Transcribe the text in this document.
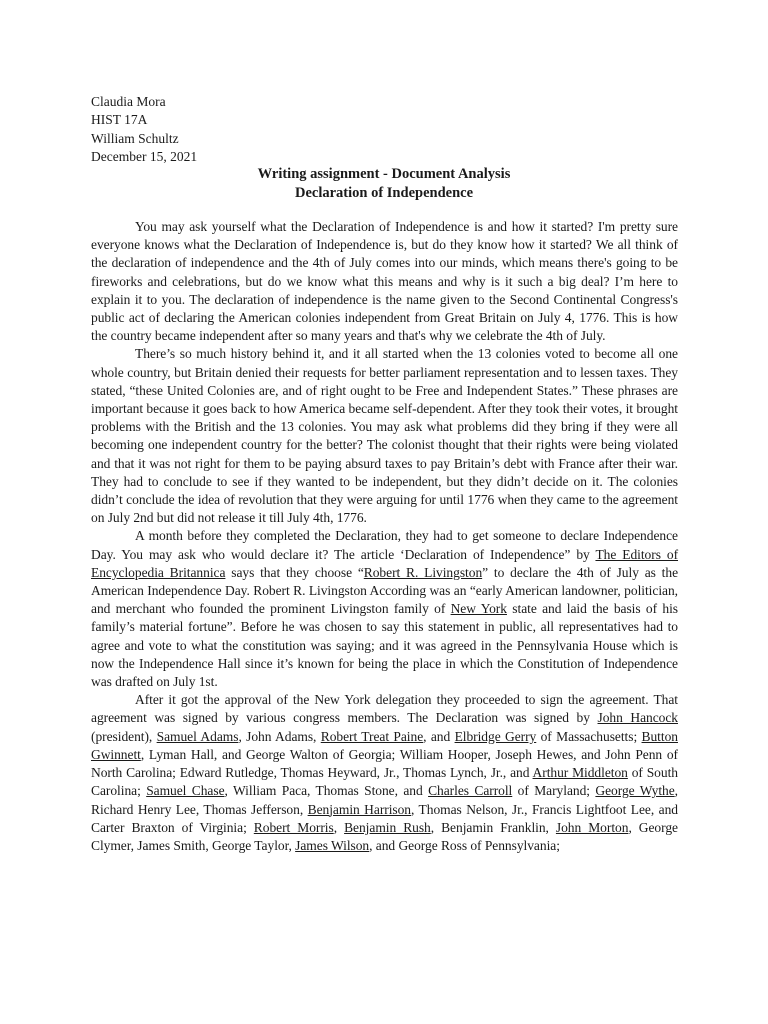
Claudia Mora
HIST 17A
William Schultz
December 15, 2021
Writing assignment - Document Analysis
Declaration of Independence

You may ask yourself what the Declaration of Independence is and how it started? I'm pretty sure everyone knows what the Declaration of Independence is, but do they know how it started? We all think of the declaration of independence and the 4th of July comes into our minds, which means there's going to be fireworks and celebrations, but do we know what this means and why is it such a big deal? I’m here to explain it to you. The declaration of independence is the name given to the Second Continental Congress's public act of declaring the American colonies independent from Great Britain on July 4, 1776. This is how the country became independent after so many years and that's why we celebrate the 4th of July.

There’s so much history behind it, and it all started when the 13 colonies voted to become all one whole country, but Britain denied their requests for better parliament representation and to lessen taxes. They stated, “these United Colonies are, and of right ought to be Free and Independent States.” These phrases are important because it goes back to how America became self-dependent. After they took their votes, it brought problems with the British and the 13 colonies. You may ask what problems did they bring if they were all becoming one independent country for the better? The colonist thought that their rights were being violated and that it was not right for them to be paying absurd taxes to pay Britain’s debt with France after their war. They had to conclude to see if they wanted to be independent, but they didn’t decide on it. The colonies didn’t conclude the idea of revolution that they were arguing for until 1776 when they came to the agreement on July 2nd but did not release it till July 4th, 1776.

A month before they completed the Declaration, they had to get someone to declare Independence Day. You may ask who would declare it? The article ‘Declaration of Independence” by The Editors of Encyclopedia Britannica says that they choose “Robert R. Livingston” to declare the 4th of July as the American Independence Day. Robert R. Livingston According was an “early American landowner, politician, and merchant who founded the prominent Livingston family of New York state and laid the basis of his family’s material fortune”. Before he was chosen to say this statement in public, all representatives had to agree and vote to what the constitution was saying; and it was agreed in the Pennsylvania House which is now the Independence Hall since it’s known for being the place in which the Constitution of Independence was drafted on July 1st.

After it got the approval of the New York delegation they proceeded to sign the agreement. That agreement was signed by various congress members. The Declaration was signed by John Hancock (president), Samuel Adams, John Adams, Robert Treat Paine, and Elbridge Gerry of Massachusetts; Button Gwinnett, Lyman Hall, and George Walton of Georgia; William Hooper, Joseph Hewes, and John Penn of North Carolina; Edward Rutledge, Thomas Heyward, Jr., Thomas Lynch, Jr., and Arthur Middleton of South Carolina; Samuel Chase, William Paca, Thomas Stone, and Charles Carroll of Maryland; George Wythe, Richard Henry Lee, Thomas Jefferson, Benjamin Harrison, Thomas Nelson, Jr., Francis Lightfoot Lee, and Carter Braxton of Virginia; Robert Morris, Benjamin Rush, Benjamin Franklin, John Morton, George Clymer, James Smith, George Taylor, James Wilson, and George Ross of Pennsylvania;
